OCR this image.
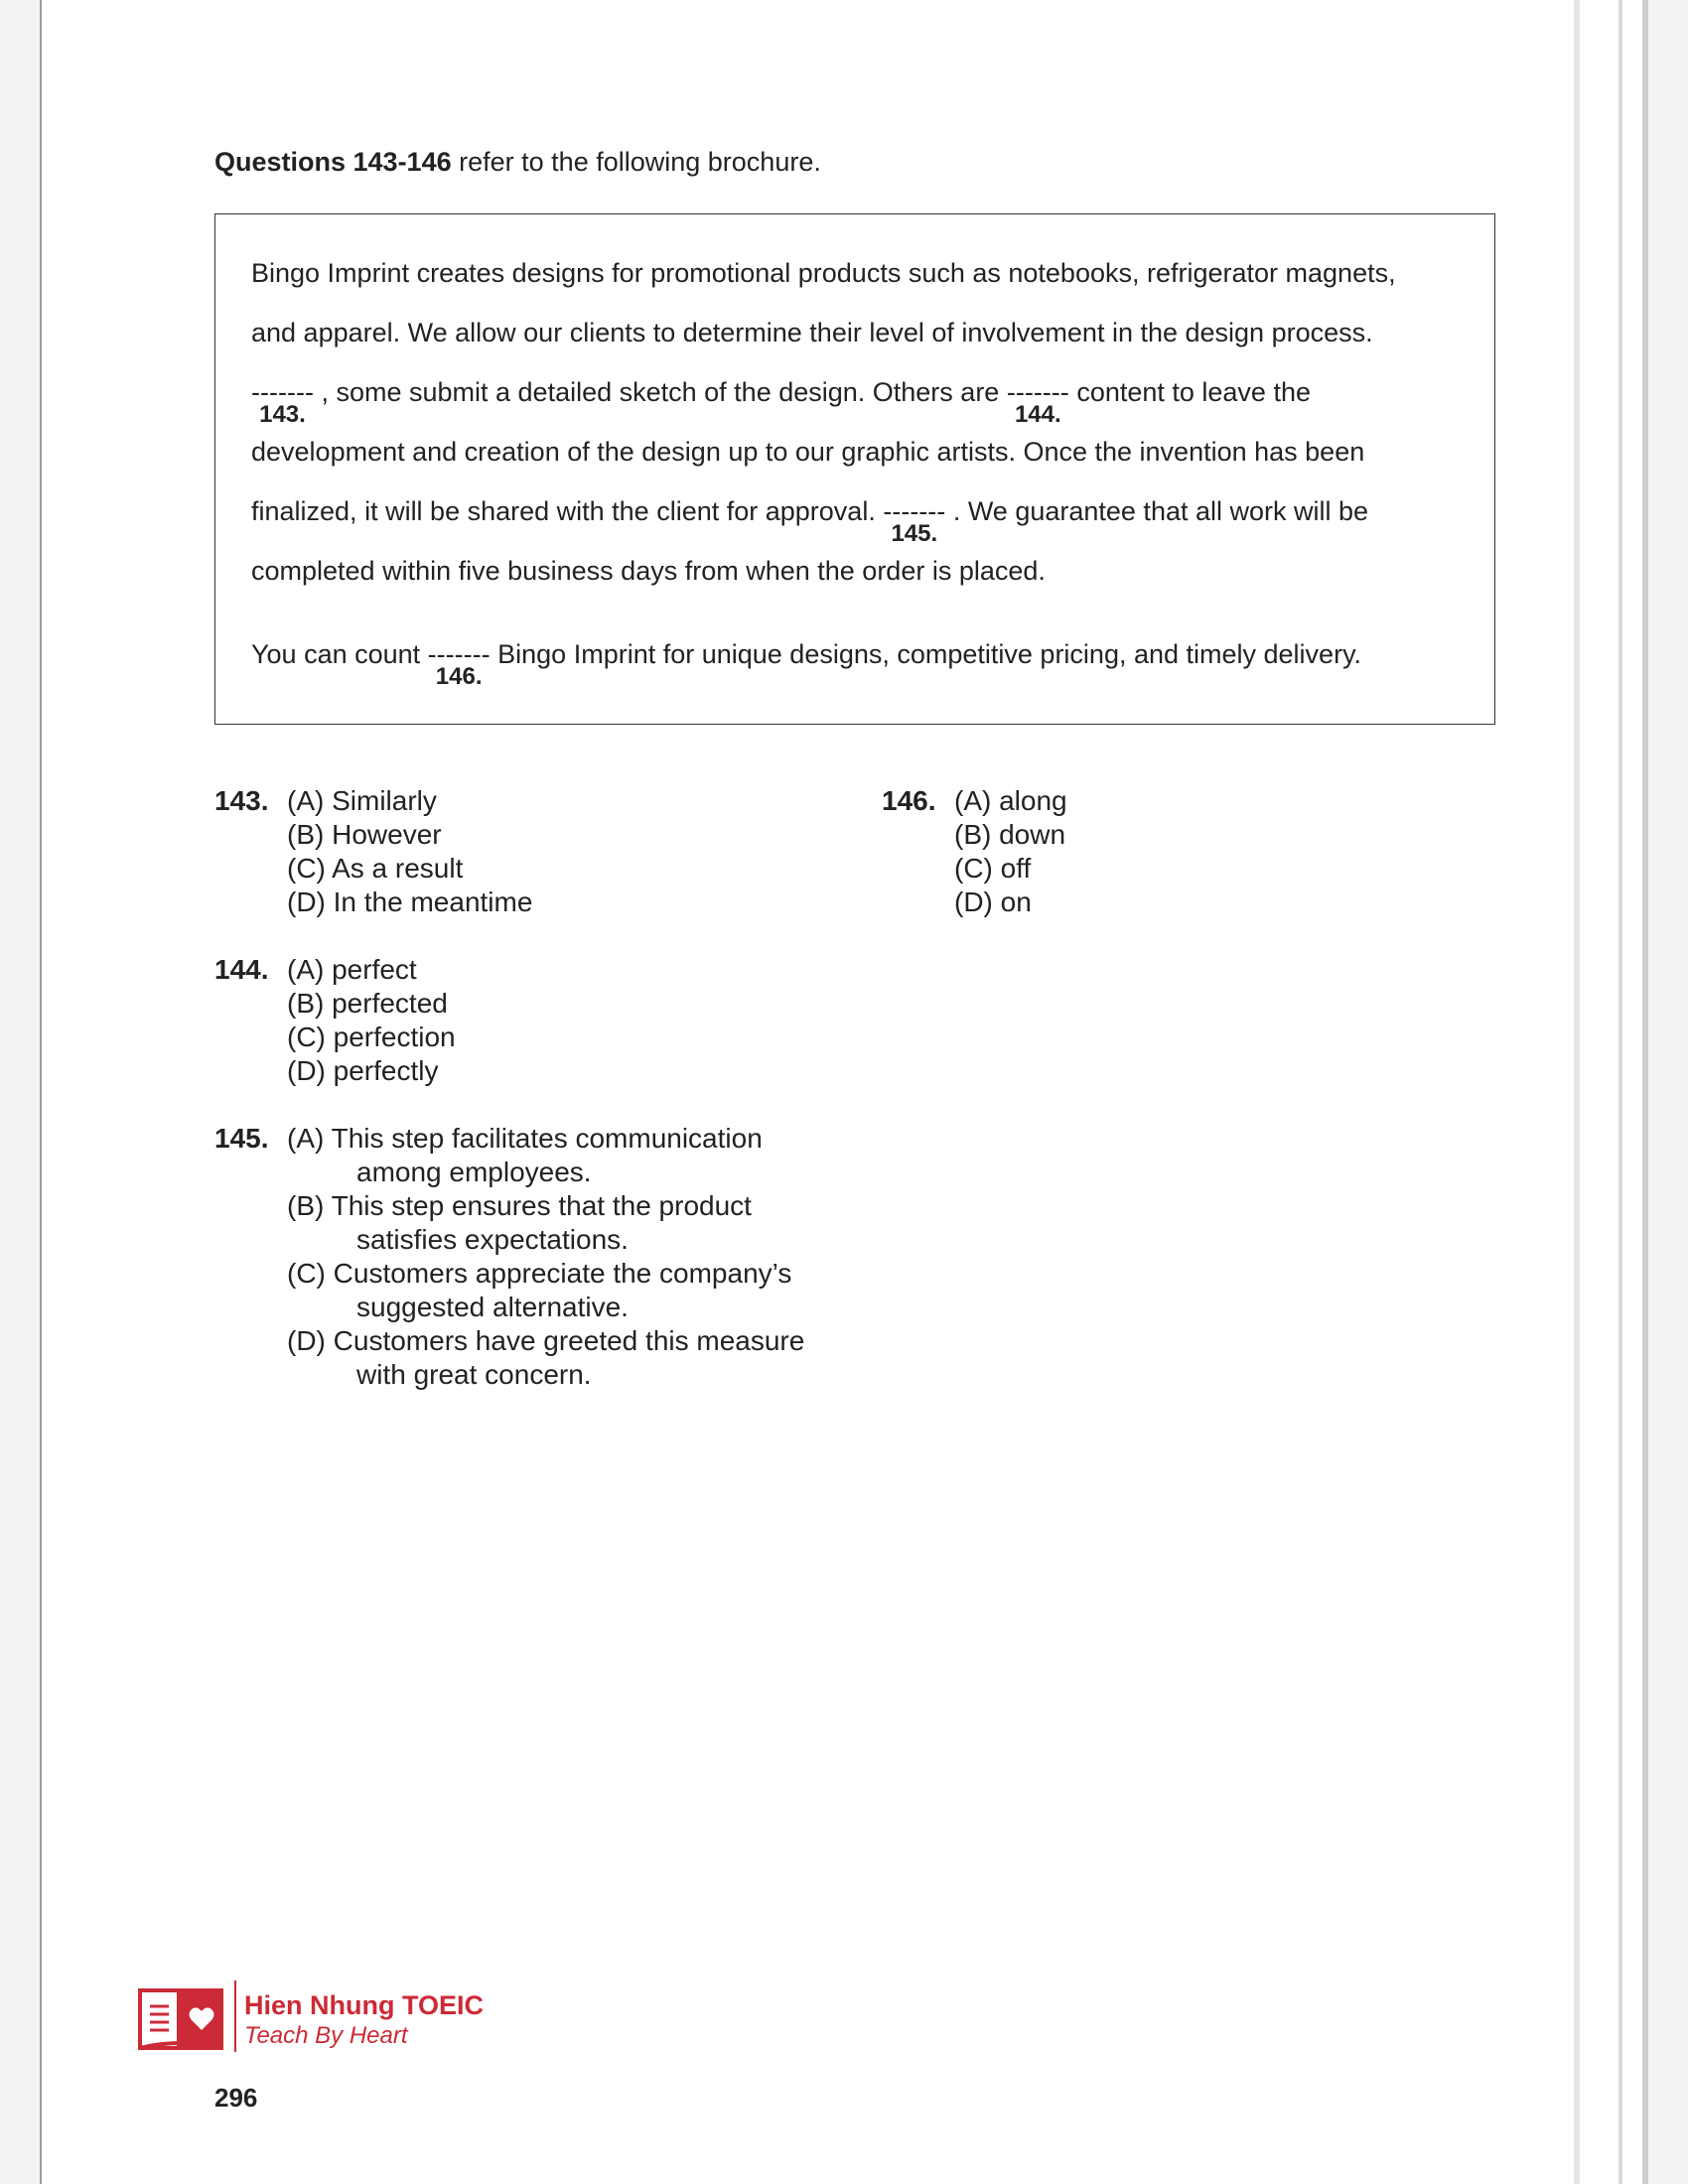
Questions 143-146 refer to the following brochure.
Bingo Imprint creates designs for promotional products such as notebooks, refrigerator magnets,
and apparel. We allow our clients to determine their level of involvement in the design process.
-------
143.
, some submit a detailed sketch of the design. Others are -------
144.
content to leave the
development and creation of the design up to our graphic artists. Once the invention has been
finalized, it will be shared with the client for approval. -------
145.
. We guarantee that all work will be
completed within five business days from when the order is placed.
You can count -------
146.
Bingo Imprint for unique designs, competitive pricing, and timely delivery.
143. (A) Similarly
(B) However
(C) As a result
(D) In the meantime
146. (A) along
(B) down
(C) off
(D) on
144. (A) perfect
(B) perfected
(C) perfection
(D) perfectly
145. (A) This step facilitates communication
among employees.
(B) This step ensures that the product
satisfies expectations.
(C) Customers appreciate the company’s
suggested alternative.
(D) Customers have greeted this measure
with great concern.
Hien Nhung TOEIC
Teach By Heart
296
